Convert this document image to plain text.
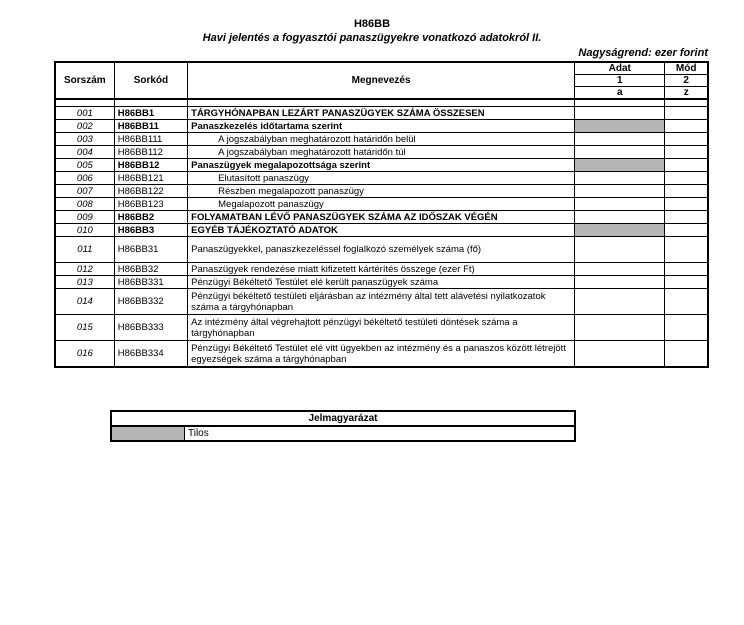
H86BB
Havi jelentés a fogyasztói panaszügyekre vonatkozó adatokról II.
Nagyságrend: ezer forint
Sorszám	Sorkód	Megnevezés	Adat	Mód
			1	2
			a	z

001	H86BB1	TÁRGYHÓNAPBAN LEZÁRT PANASZÜGYEK SZÁMA ÖSSZESEN		
002	H86BB11	Panaszkezelés időtartama szerint		
003	H86BB111	A jogszabályban meghatározott határidőn belül		
004	H86BB112	A jogszabályban meghatározott határidőn túl		
005	H86BB12	Panaszügyek megalapozottsága szerint		
006	H86BB121	Elutasított panaszügy		
007	H86BB122	Részben megalapozott panaszügy		
008	H86BB123	Megalapozott panaszügy		
009	H86BB2	FOLYAMATBAN LÉVŐ PANASZÜGYEK SZÁMA AZ IDŐSZAK VÉGÉN		
010	H86BB3	EGYÉB TÁJÉKOZTATÓ ADATOK		
011	H86BB31	Panaszügyekkel, panaszkezeléssel foglalkozó személyek száma (fő)		
012	H86BB32	Panaszügyek rendezése miatt kifizetett kártérítés összege (ezer Ft)		
013	H86BB331	Pénzügyi Békéltető Testület elé került panaszügyek száma		
014	H86BB332	Pénzügyi békéltető testületi eljárásban az intézmény által tett alávetési nyilatkozatok száma a tárgyhónapban		
015	H86BB333	Az intézmény által végrehajtott pénzügyi békéltető testületi döntések száma a tárgyhónapban		
016	H86BB334	Pénzügyi Békéltető Testület elé vitt ügyekben az intézmény és a panaszos között létrejött egyezségek száma a tárgyhónapban		
Jelmagyarázat
	Tilos
